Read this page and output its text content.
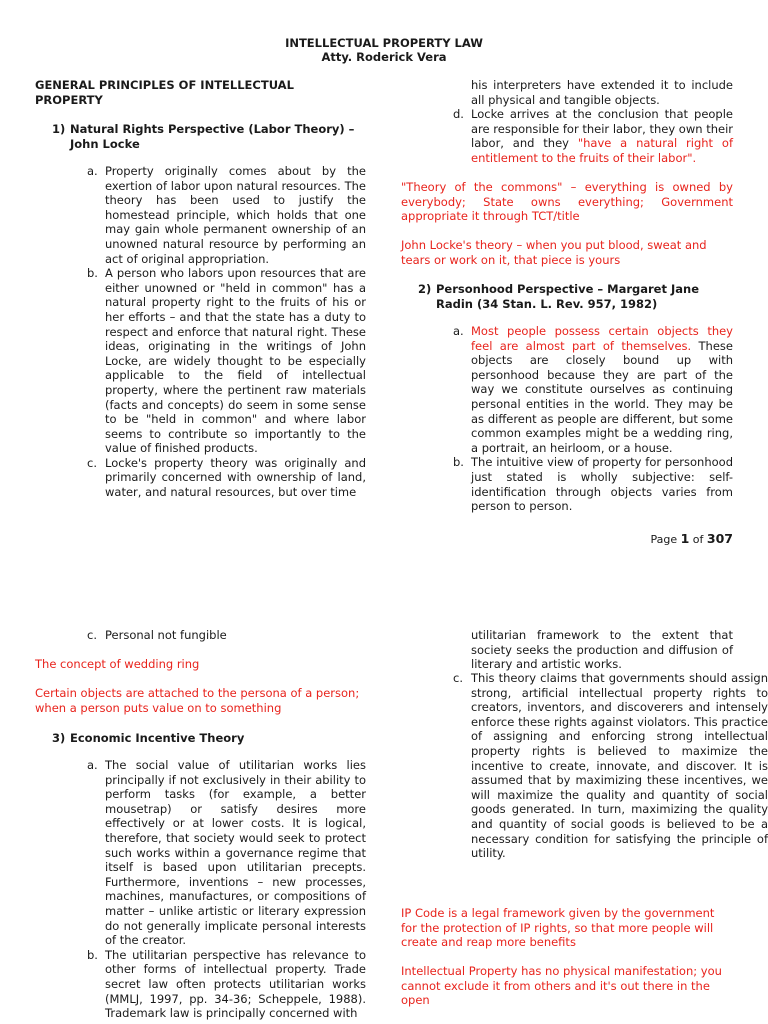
INTELLECTUAL PROPERTY LAW
Atty. Roderick Vera
GENERAL PRINCIPLES OF INTELLECTUAL PROPERTY
1) Natural Rights Perspective (Labor Theory) – John Locke
a. Property originally comes about by the exertion of labor upon natural resources. The theory has been used to justify the homestead principle, which holds that one may gain whole permanent ownership of an unowned natural resource by performing an act of original appropriation.
b. A person who labors upon resources that are either unowned or "held in common" has a natural property right to the fruits of his or her efforts – and that the state has a duty to respect and enforce that natural right. These ideas, originating in the writings of John Locke, are widely thought to be especially applicable to the field of intellectual property, where the pertinent raw materials (facts and concepts) do seem in some sense to be "held in common" and where labor seems to contribute so importantly to the value of finished products.
c. Locke's property theory was originally and primarily concerned with ownership of land, water, and natural resources, but over time
his interpreters have extended it to include all physical and tangible objects.
d. Locke arrives at the conclusion that people are responsible for their labor, they own their labor, and they "have a natural right of entitlement to the fruits of their labor".
"Theory of the commons" – everything is owned by everybody; State owns everything; Government appropriate it through TCT/title
John Locke's theory – when you put blood, sweat and tears or work on it, that piece is yours
2) Personhood Perspective – Margaret Jane Radin (34 Stan. L. Rev. 957, 1982)
a. Most people possess certain objects they feel are almost part of themselves. These objects are closely bound up with personhood because they are part of the way we constitute ourselves as continuing personal entities in the world. They may be as different as people are different, but some common examples might be a wedding ring, a portrait, an heirloom, or a house.
b. The intuitive view of property for personhood just stated is wholly subjective: self-identification through objects varies from person to person.
Page 1 of 307
c. Personal not fungible
The concept of wedding ring
Certain objects are attached to the persona of a person; when a person puts value on to something
3) Economic Incentive Theory
a. The social value of utilitarian works lies principally if not exclusively in their ability to perform tasks (for example, a better mousetrap) or satisfy desires more effectively or at lower costs. It is logical, therefore, that society would seek to protect such works within a governance regime that itself is based upon utilitarian precepts. Furthermore, inventions – new processes, machines, manufactures, or compositions of matter – unlike artistic or literary expression do not generally implicate personal interests of the creator.
b. The utilitarian perspective has relevance to other forms of intellectual property. Trade secret law often protects utilitarian works (MMLJ, 1997, pp. 34-36; Scheppele, 1988). Trademark law is principally concerned with
utilitarian framework to the extent that society seeks the production and diffusion of literary and artistic works.
c. This theory claims that governments should assign strong, artificial intellectual property rights to creators, inventors, and discoverers and intensely enforce these rights against violators. This practice of assigning and enforcing strong intellectual property rights is believed to maximize the incentive to create, innovate, and discover. It is assumed that by maximizing these incentives, we will maximize the quality and quantity of social goods generated. In turn, maximizing the quality and quantity of social goods is believed to be a necessary condition for satisfying the principle of utility.
IP Code is a legal framework given by the government for the protection of IP rights, so that more people will create and reap more benefits
Intellectual Property has no physical manifestation; you cannot exclude it from others and it's out there in the open
